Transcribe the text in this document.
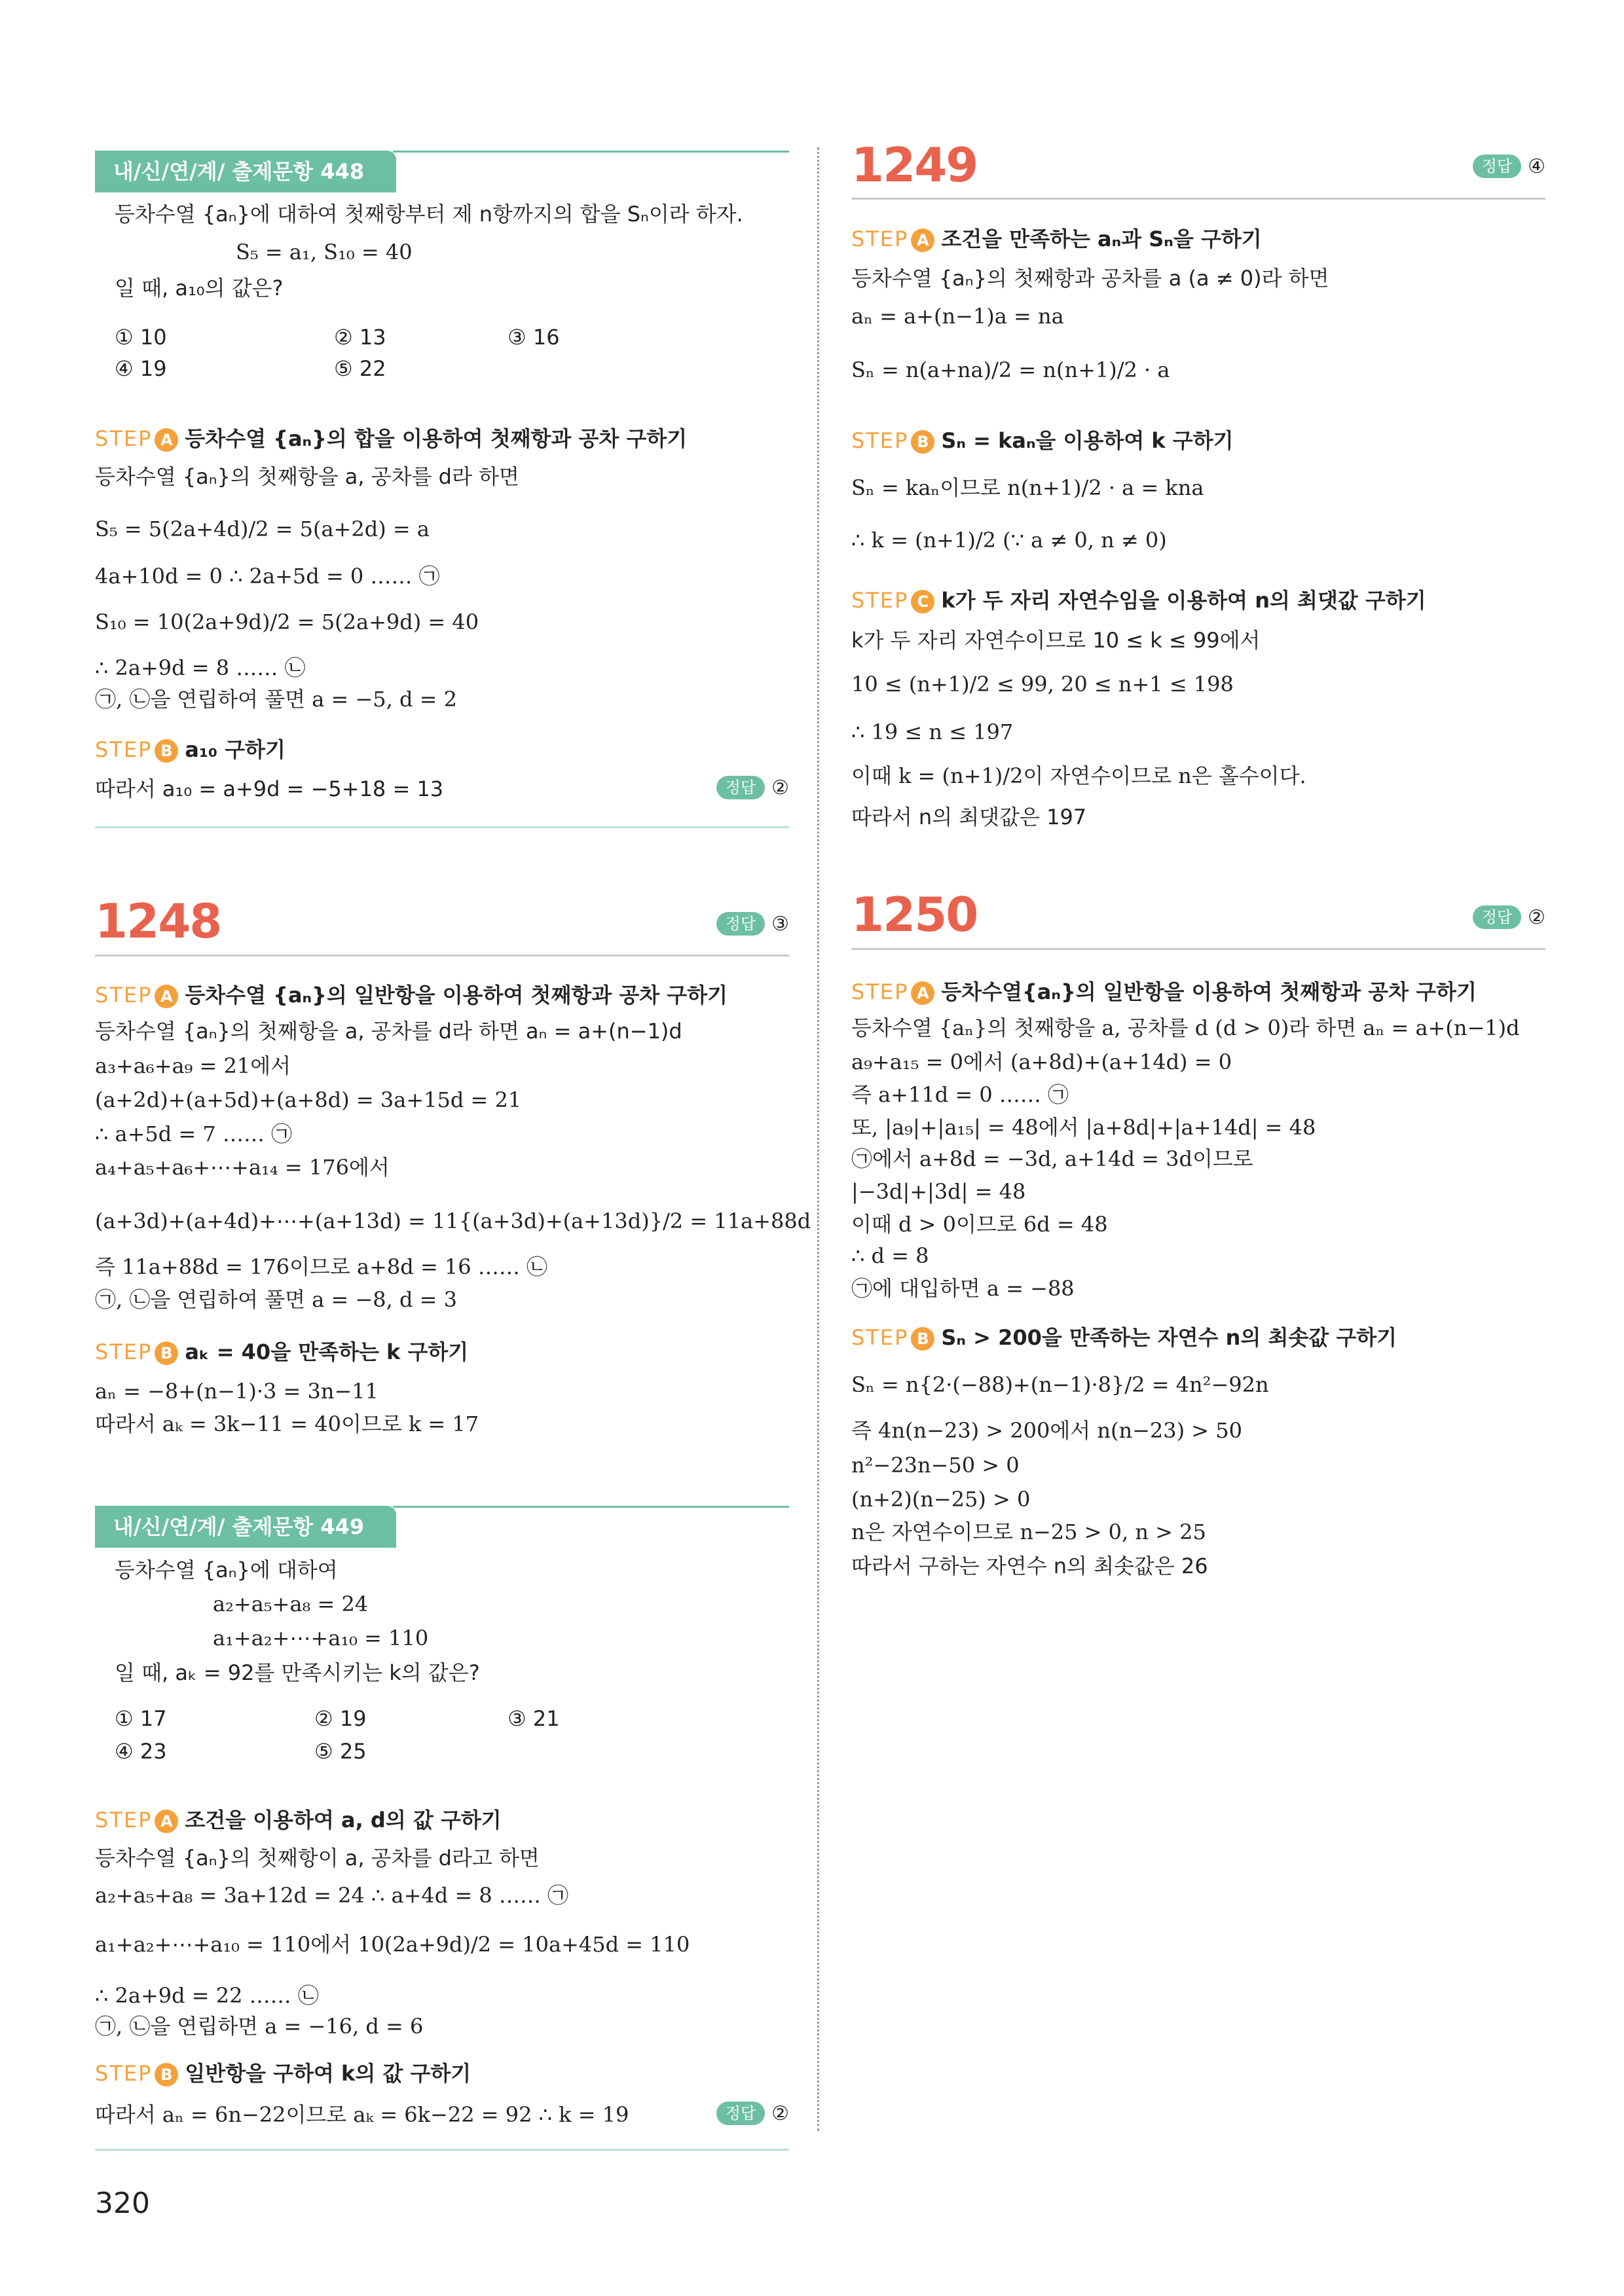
내/신/연/계/ 출제문항 448
등차수열 {aₙ}에 대하여 첫째항부터 제 n항까지의 합을 Sₙ이라 하자.
S₅ = a₁, S₁₀ = 40
일 때, a₁₀의 값은?
① 10	② 13	③ 16
④ 19	⑤ 22
STEP A 등차수열 {aₙ}의 합을 이용하여 첫째항과 공차 구하기
등차수열 {aₙ}의 첫째항을 a, 공차를 d라 하면
S₅ = 5(2a+4d)/2 = 5(a+2d) = a
4a+10d = 0 ∴ 2a+5d = 0 …… ㉠
S₁₀ = 10(2a+9d)/2 = 5(2a+9d) = 40
∴ 2a+9d = 8 …… ㉡
㉠, ㉡을 연립하여 풀면 a = −5, d = 2
STEP B a₁₀ 구하기
따라서 a₁₀ = a+9d = −5+18 = 13	정답 ②
1248	정답 ③
STEP A 등차수열 {aₙ}의 일반항을 이용하여 첫째항과 공차 구하기
등차수열 {aₙ}의 첫째항을 a, 공차를 d라 하면 aₙ = a+(n−1)d
a₃+a₆+a₉ = 21에서
(a+2d)+(a+5d)+(a+8d) = 3a+15d = 21
∴ a+5d = 7 …… ㉠
a₄+a₅+a₆+⋯+a₁₄ = 176에서
(a+3d)+(a+4d)+⋯+(a+13d) = 11{(a+3d)+(a+13d)}/2 = 11a+88d
즉 11a+88d = 176이므로 a+8d = 16 …… ㉡
㉠, ㉡을 연립하여 풀면 a = −8, d = 3
STEP B aₖ = 40을 만족하는 k 구하기
aₙ = −8+(n−1)·3 = 3n−11
따라서 aₖ = 3k−11 = 40이므로 k = 17
내/신/연/계/ 출제문항 449
등차수열 {aₙ}에 대하여
a₂+a₅+a₈ = 24
a₁+a₂+⋯+a₁₀ = 110
일 때, aₖ = 92를 만족시키는 k의 값은?
① 17	② 19	③ 21
④ 23	⑤ 25
STEP A 조건을 이용하여 a, d의 값 구하기
등차수열 {aₙ}의 첫째항이 a, 공차를 d라고 하면
a₂+a₅+a₈ = 3a+12d = 24 ∴ a+4d = 8 …… ㉠
a₁+a₂+⋯+a₁₀ = 110에서 10(2a+9d)/2 = 10a+45d = 110
∴ 2a+9d = 22 …… ㉡
㉠, ㉡을 연립하면 a = −16, d = 6
STEP B 일반항을 구하여 k의 값 구하기
따라서 aₙ = 6n−22이므로 aₖ = 6k−22 = 92 ∴ k = 19	정답 ②
1249	정답 ④
STEP A 조건을 만족하는 aₙ과 Sₙ을 구하기
등차수열 {aₙ}의 첫째항과 공차를 a (a ≠ 0)라 하면
aₙ = a+(n−1)a = na
Sₙ = n(a+na)/2 = n(n+1)/2 · a
STEP B Sₙ = kaₙ을 이용하여 k 구하기
Sₙ = kaₙ이므로 n(n+1)/2 · a = kna
∴ k = (n+1)/2 (∵ a ≠ 0, n ≠ 0)
STEP C k가 두 자리 자연수임을 이용하여 n의 최댓값 구하기
k가 두 자리 자연수이므로 10 ≤ k ≤ 99에서
10 ≤ (n+1)/2 ≤ 99, 20 ≤ n+1 ≤ 198
∴ 19 ≤ n ≤ 197
이때 k = (n+1)/2이 자연수이므로 n은 홀수이다.
따라서 n의 최댓값은 197
1250	정답 ②
STEP A 등차수열{aₙ}의 일반항을 이용하여 첫째항과 공차 구하기
등차수열 {aₙ}의 첫째항을 a, 공차를 d (d > 0)라 하면 aₙ = a+(n−1)d
a₉+a₁₅ = 0에서 (a+8d)+(a+14d) = 0
즉 a+11d = 0 …… ㉠
또, |a₉|+|a₁₅| = 48에서 |a+8d|+|a+14d| = 48
㉠에서 a+8d = −3d, a+14d = 3d이므로
|−3d|+|3d| = 48
이때 d > 0이므로 6d = 48
∴ d = 8
㉠에 대입하면 a = −88
STEP B Sₙ > 200을 만족하는 자연수 n의 최솟값 구하기
Sₙ = n{2·(−88)+(n−1)·8}/2 = 4n²−92n
즉 4n(n−23) > 200에서 n(n−23) > 50
n²−23n−50 > 0
(n+2)(n−25) > 0
n은 자연수이므로 n−25 > 0, n > 25
따라서 구하는 자연수 n의 최솟값은 26
320
